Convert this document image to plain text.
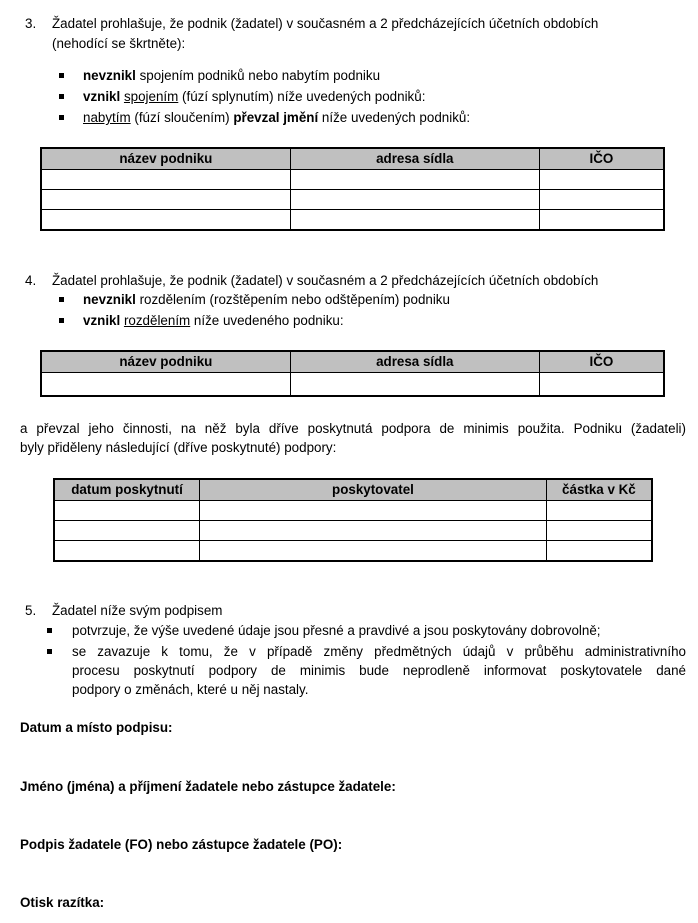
3. Žadatel prohlašuje, že podnik (žadatel) v současném a 2 předcházejících účetních obdobích
(nehodící se škrtněte):
nevznikl spojením podniků nebo nabytím podniku
vznikl spojením (fúzí splynutím) níže uvedených podniků:
nabytím (fúzí sloučením) převzal jmění níže uvedených podniků:
název podniku	adresa sídla	IČO

4. Žadatel prohlašuje, že podnik (žadatel) v současném a 2 předcházejících účetních obdobích
nevznikl rozdělením (rozštěpením nebo odštěpením) podniku
vznikl rozdělením níže uvedeného podniku:
název podniku	adresa sídla	IČO

a převzal jeho činnosti, na něž byla dříve poskytnutá podpora de minimis použita. Podniku (žadateli)
byly přiděleny následující (dříve poskytnuté) podpory:
datum poskytnutí	poskytovatel	částka v Kč

5. Žadatel níže svým podpisem
potvrzuje, že výše uvedené údaje jsou přesné a pravdivé a jsou poskytovány dobrovolně;
se zavazuje k tomu, že v případě změny předmětných údajů v průběhu administrativního
procesu poskytnutí podpory de minimis bude neprodleně informovat poskytovatele dané
podpory o změnách, které u něj nastaly.
Datum a místo podpisu:
Jméno (jména) a příjmení žadatele nebo zástupce žadatele:
Podpis žadatele (FO) nebo zástupce žadatele (PO):
Otisk razítka:
